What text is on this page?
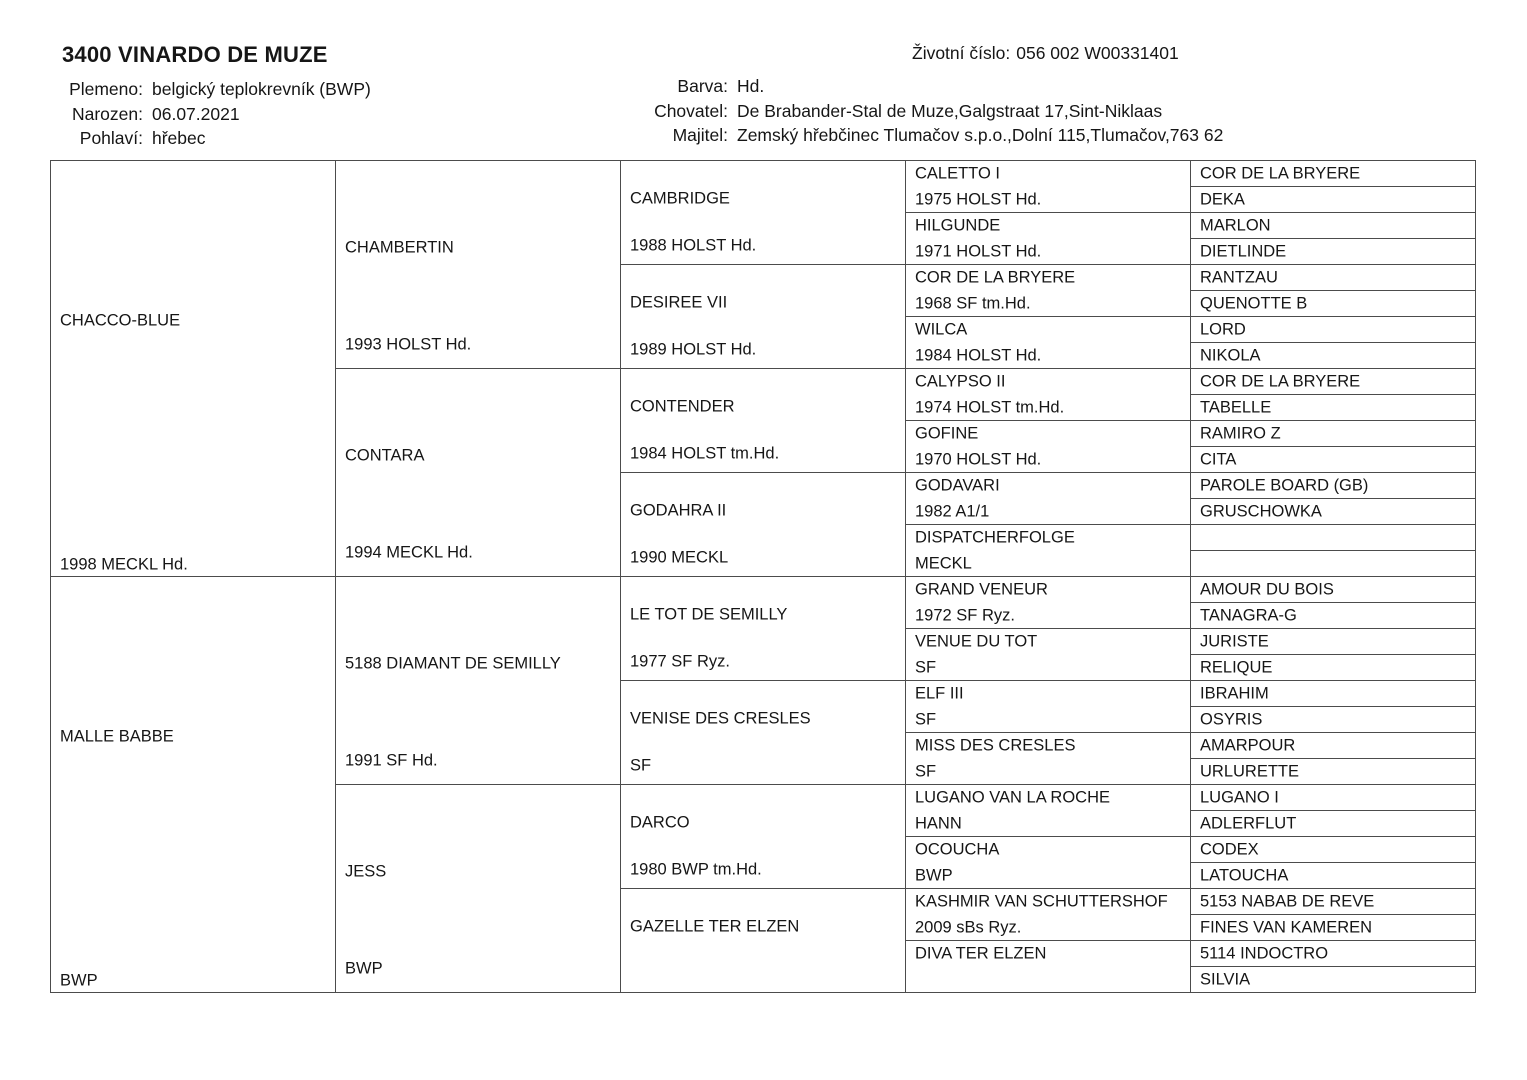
3400 VINARDO DE MUZE	Životní číslo: 056 002 W00331401
Plemeno: belgický teplokrevník (BWP)
Narozen: 06.07.2021
Pohlaví: hřebec
Barva: Hd.
Chovatel: De Brabander-Stal de Muze,Galgstraat 17,Sint-Niklaas
Majitel: Zemský hřebčinec Tlumačov s.p.o.,Dolní 115,Tlumačov,763 62
CHACCO-BLUE
1998 MECKL Hd.
MALLE BABBE
BWP
CHAMBERTIN
1993 HOLST Hd.
CONTARA
1994 MECKL Hd.
5188 DIAMANT DE SEMILLY
1991 SF Hd.
JESS
BWP
CAMBRIDGE
1988 HOLST Hd.
DESIREE VII
1989 HOLST Hd.
CONTENDER
1984 HOLST tm.Hd.
GODAHRA II
1990 MECKL
LE TOT DE SEMILLY
1977 SF Ryz.
VENISE DES CRESLES
SF
DARCO
1980 BWP tm.Hd.
GAZELLE TER ELZEN
CALETTO I
1975 HOLST Hd.
HILGUNDE
1971 HOLST Hd.
COR DE LA BRYERE
1968 SF tm.Hd.
WILCA
1984 HOLST Hd.
CALYPSO II
1974 HOLST tm.Hd.
GOFINE
1970 HOLST Hd.
GODAVARI
1982 A1/1
DISPATCHERFOLGE
MECKL
GRAND VENEUR
1972 SF Ryz.
VENUE DU TOT
SF
ELF III
SF
MISS DES CRESLES
SF
LUGANO VAN LA ROCHE
HANN
OCOUCHA
BWP
KASHMIR VAN SCHUTTERSHOF
2009 sBs Ryz.
DIVA TER ELZEN
COR DE LA BRYERE
DEKA
MARLON
DIETLINDE
RANTZAU
QUENOTTE B
LORD
NIKOLA
COR DE LA BRYERE
TABELLE
RAMIRO Z
CITA
PAROLE BOARD (GB)
GRUSCHOWKA
AMOUR DU BOIS
TANAGRA-G
JURISTE
RELIQUE
IBRAHIM
OSYRIS
AMARPOUR
URLURETTE
LUGANO I
ADLERFLUT
CODEX
LATOUCHA
5153 NABAB DE REVE
FINES VAN KAMEREN
5114 INDOCTRO
SILVIA
